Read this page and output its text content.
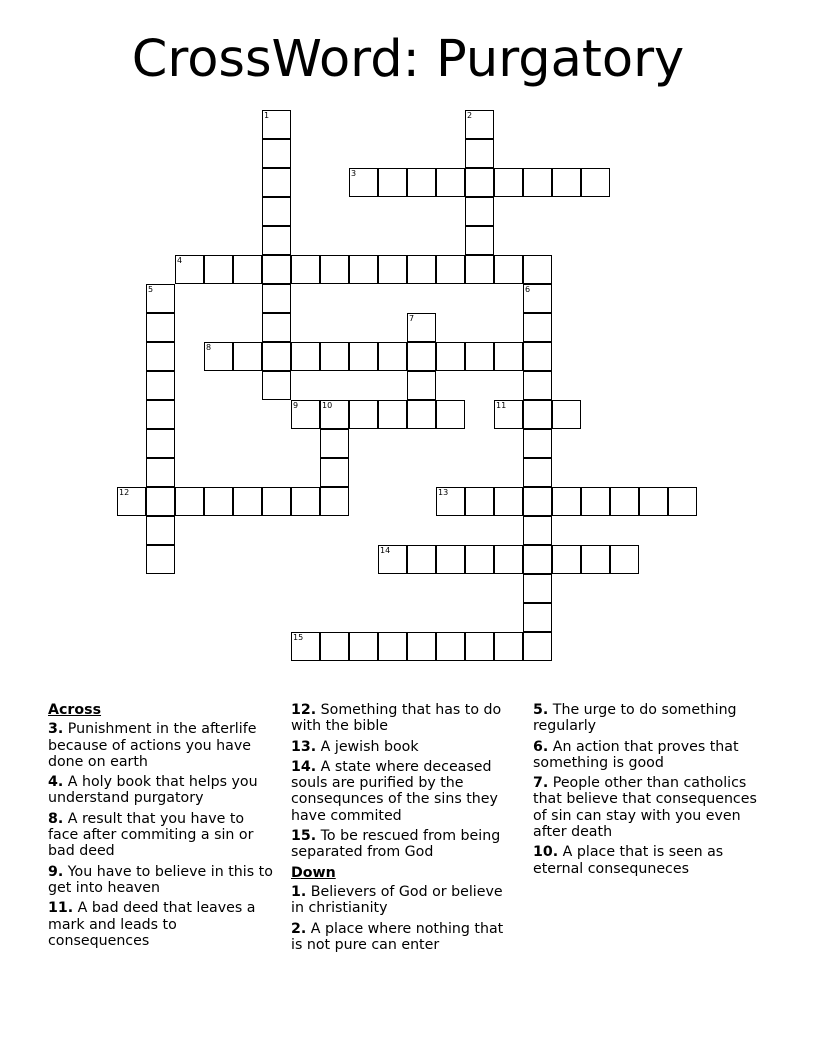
CrossWord: Purgatory
1	2
3
4
5	6
7
8
9	10	11
12	13
14
15
Across
3. Punishment in the afterlife because of actions you have done on earth
4. A holy book that helps you understand purgatory
8. A result that you have to face after commiting a sin or bad deed
9. You have to believe in this to get into heaven
11. A bad deed that leaves a mark and leads to consequences
12. Something that has to do with the bible
13. A jewish book
14. A state where deceased souls are purified by the consequnces of the sins they have commited
15. To be rescued from being separated from God
Down
1. Believers of God or believe in christianity
2. A place where nothing that is not pure can enter
5. The urge to do something regularly
6. An action that proves that something is good
7. People other than catholics that believe that consequences of sin can stay with you even after death
10. A place that is seen as eternal consequneces
